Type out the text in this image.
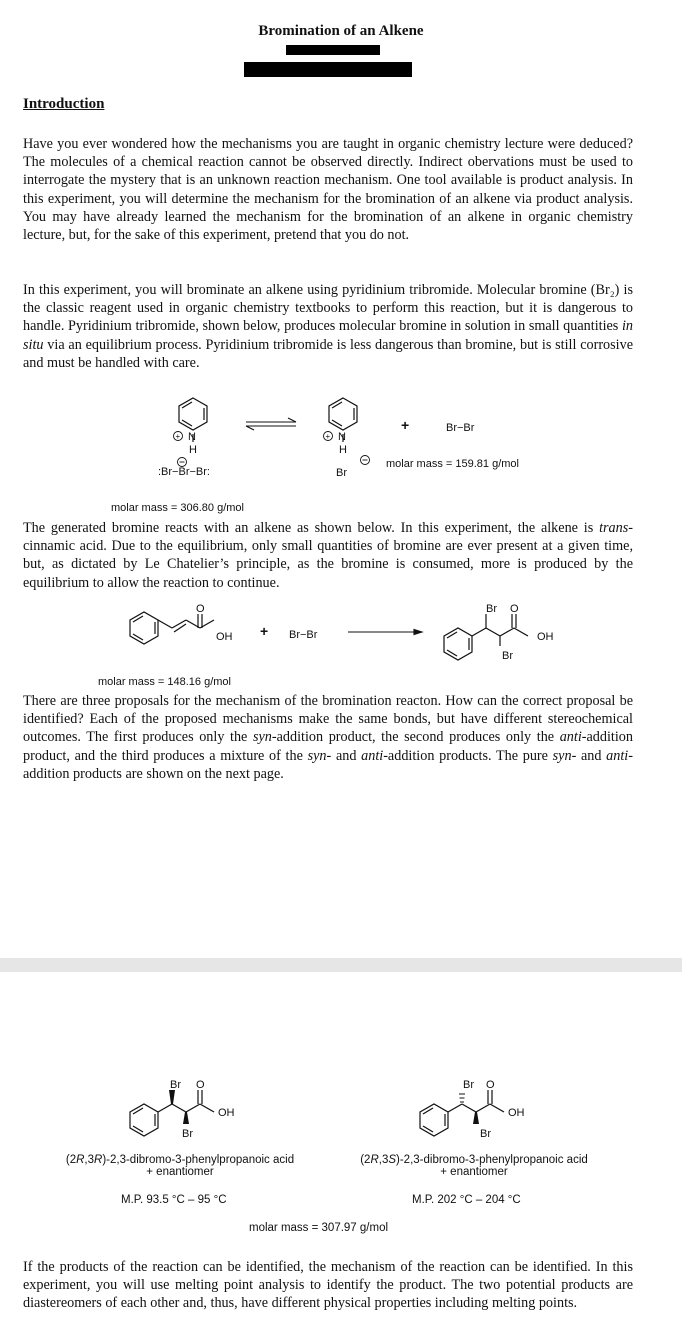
Bromination of an Alkene
Introduction
Have you ever wondered how the mechanisms you are taught in organic chemistry lecture were deduced? The molecules of a chemical reaction cannot be observed directly. Indirect obervations must be used to interrogate the mystery that is an unknown reaction mechanism. One tool available is product analysis. In this experiment, you will determine the mechanism for the bromination of an alkene via product analysis. You may have already learned the mechanism for the bromination of an alkene in organic chemistry lecture, but, for the sake of this experiment, pretend that you do not.
In this experiment, you will brominate an alkene using pyridinium tribromide. Molecular bromine (Br₂) is the classic reagent used in organic chemistry textbooks to perform this reaction, but it is dangerous to handle. Pyridinium tribromide, shown below, produces molecular bromine in solution in small quantities in situ via an equilibrium process. Pyridinium tribromide is less dangerous than bromine, but is still corrosive and must be handled with care.
N
+
H
:Br−Br−Br:
N
+
H
Br
+	Br−Br
molar mass = 159.81 g/mol
molar mass = 306.80 g/mol
The generated bromine reacts with an alkene as shown below. In this experiment, the alkene is trans-cinnamic acid. Due to the equilibrium, only small quantities of bromine are ever present at a given time, but, as dictated by Le Chatelier’s principle, as the bromine is consumed, more is produced by the equilibrium to allow the reaction to continue.
O
OH + Br−Br
Br O
OH
Br
molar mass = 148.16 g/mol
There are three proposals for the mechanism of the bromination reacton. How can the correct proposal be identified? Each of the proposed mechanisms make the same bonds, but have different stereochemical outcomes. The first produces only the syn-addition product, the second produces only the anti-addition product, and the third produces a mixture of the syn- and anti-addition products. The pure syn- and anti-addition products are shown on the next page.
Br O
OH
Br
Br O
OH
Br
(2R,3R)-2,3-dibromo-3-phenylpropanoic acid
+ enantiomer
(2R,3S)-2,3-dibromo-3-phenylpropanoic acid
+ enantiomer
M.P. 93.5 °C – 95 °C	M.P. 202 °C – 204 °C
molar mass = 307.97 g/mol
If the products of the reaction can be identified, the mechanism of the reaction can be identified. In this experiment, you will use melting point analysis to identify the product. The two potential products are diastereomers of each other and, thus, have different physical properties including melting points.
